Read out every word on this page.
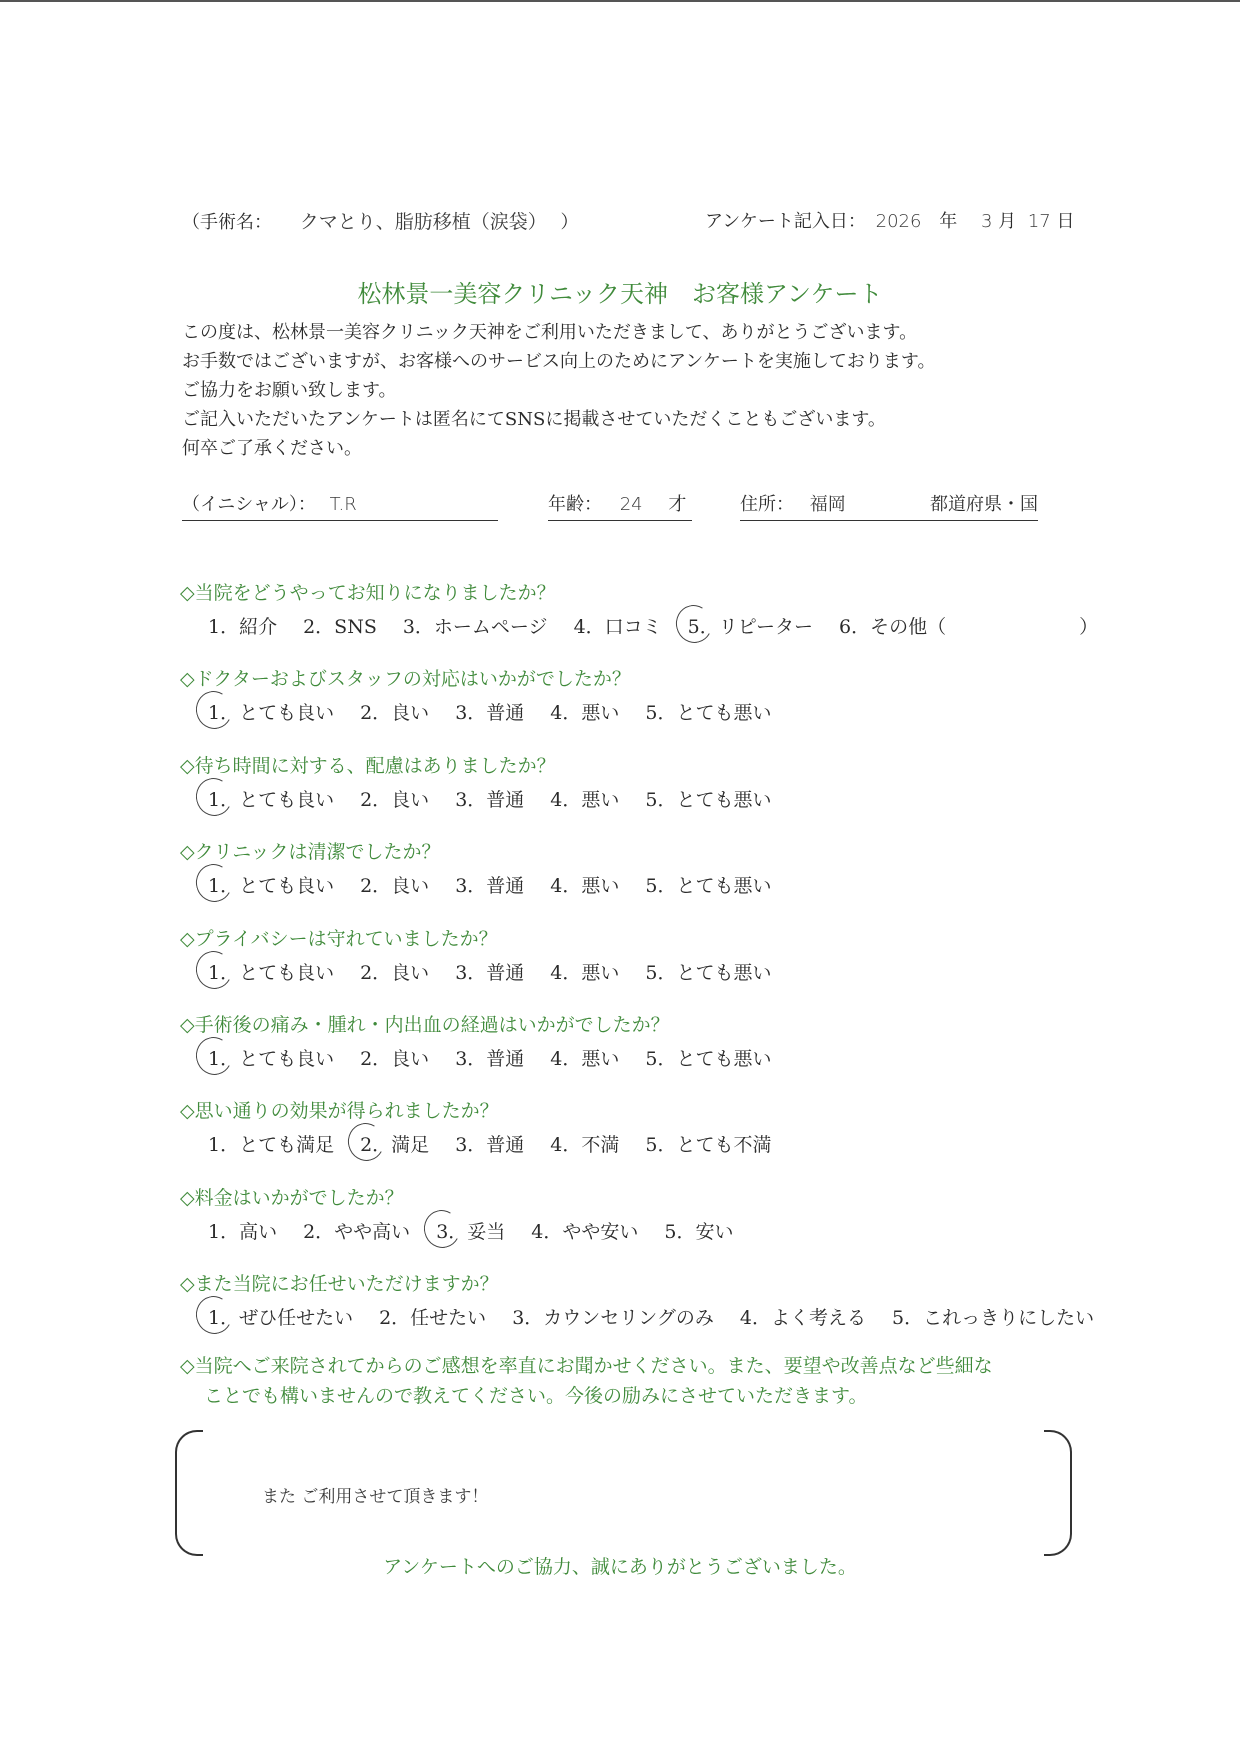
（手術名： クマとり、脂肪移植（涙袋） ）	アンケート記入日： 2026 年 3 月 17 日
松林景一美容クリニック天神　お客様アンケート
この度は、松林景一美容クリニック天神をご利用いただきまして、ありがとうございます。
お手数ではございますが、お客様へのサービス向上のためにアンケートを実施しております。
ご協力をお願い致します。
ご記入いただいたアンケートは匿名にてSNSに掲載させていただくこともございます。
何卒ご了承ください。
（イニシャル）： T.R	年齢： 24 才	住所： 福岡	都道府県・国
◇当院をどうやってお知りになりましたか？
1．紹介 2．SNS 3．ホームページ 4．口コミ 5．リピーター 6．その他（　　　　　　　）
◇ドクターおよびスタッフの対応はいかがでしたか？
1．とても良い 2．良い 3．普通 4．悪い 5．とても悪い
◇待ち時間に対する、配慮はありましたか？
1．とても良い 2．良い 3．普通 4．悪い 5．とても悪い
◇クリニックは清潔でしたか？
1．とても良い 2．良い 3．普通 4．悪い 5．とても悪い
◇プライバシーは守れていましたか？
1．とても良い 2．良い 3．普通 4．悪い 5．とても悪い
◇手術後の痛み・腫れ・内出血の経過はいかがでしたか？
1．とても良い 2．良い 3．普通 4．悪い 5．とても悪い
◇思い通りの効果が得られましたか？
1．とても満足 2．満足 3．普通 4．不満 5．とても不満
◇料金はいかがでしたか？
1．高い 2．やや高い 3．妥当 4．やや安い 5．安い
◇また当院にお任せいただけますか？
1．ぜひ任せたい 2．任せたい 3．カウンセリングのみ 4．よく考える 5．これっきりにしたい
◇当院へご来院されてからのご感想を率直にお聞かせください。また、要望や改善点など些細な
ことでも構いませんので教えてください。今後の励みにさせていただきます。
また ご利用させて頂きます！
アンケートへのご協力、誠にありがとうございました。
